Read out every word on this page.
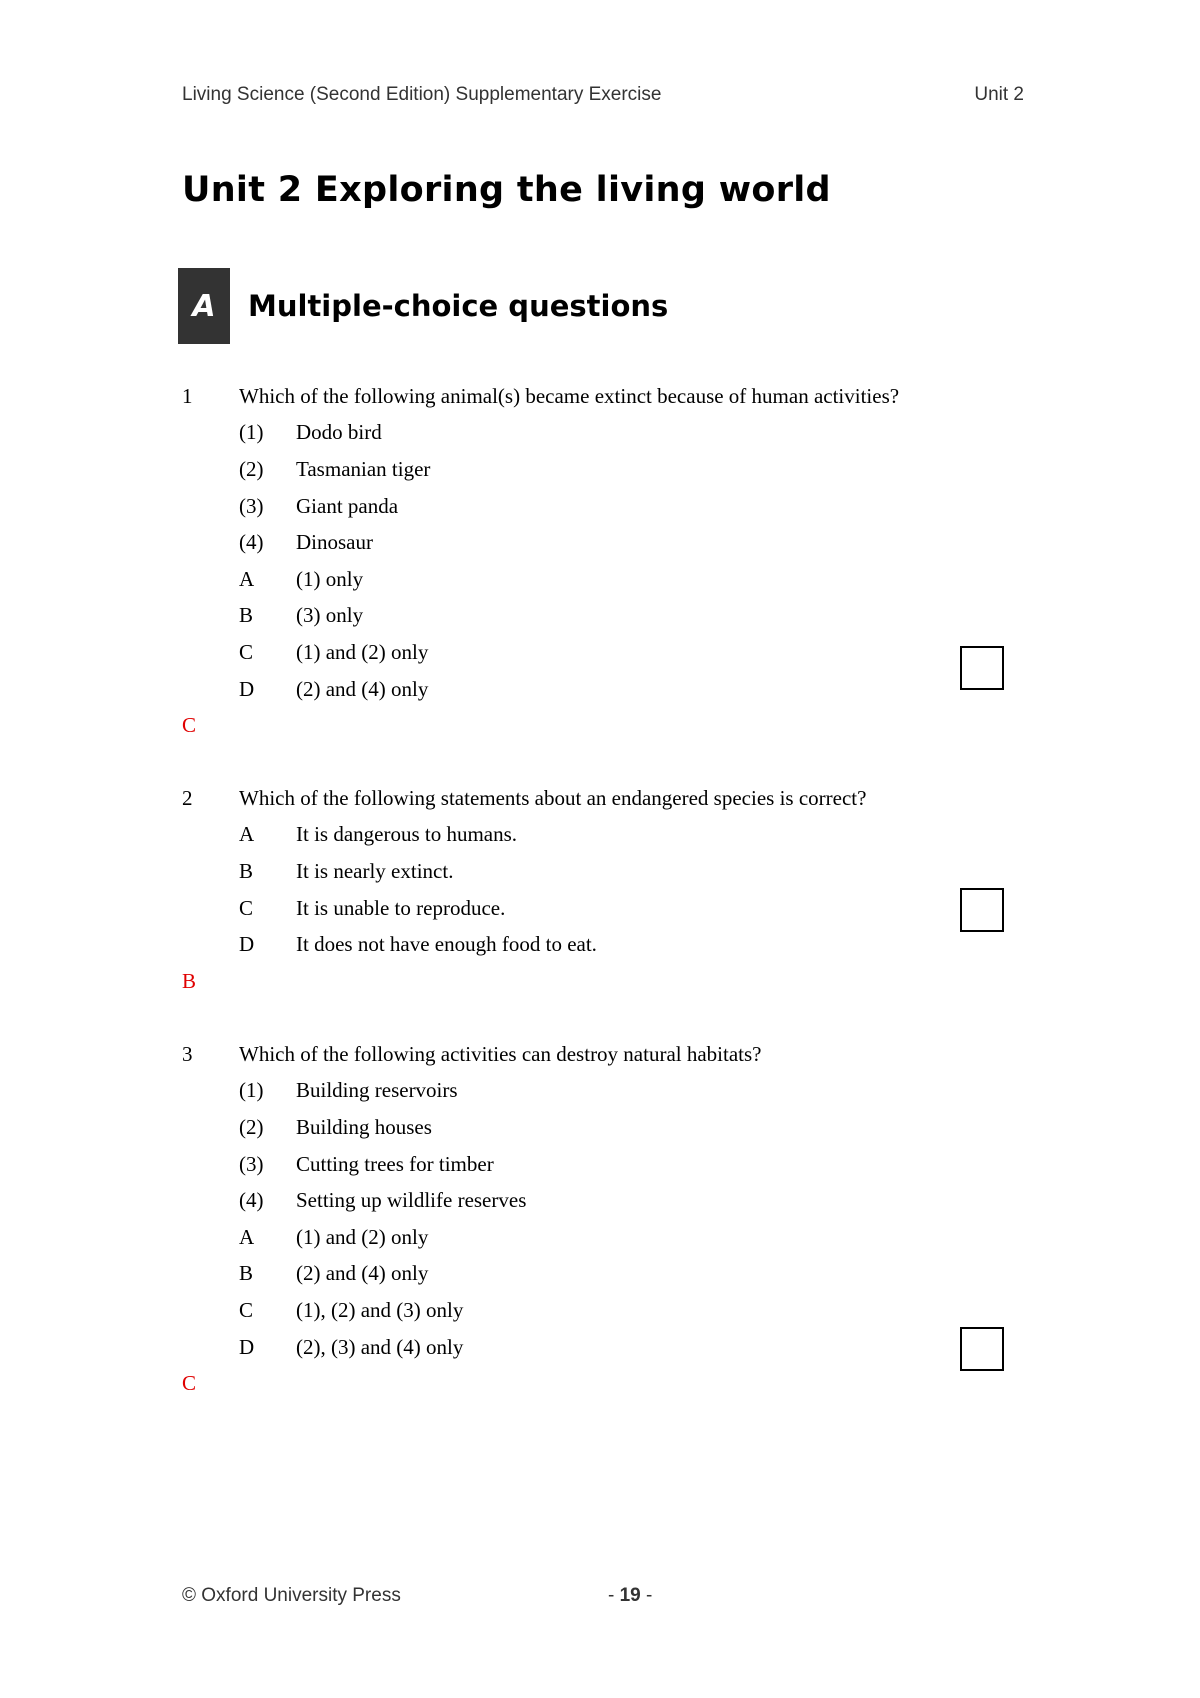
Living Science (Second Edition) Supplementary Exercise	Unit 2
Unit 2 Exploring the living world
A	Multiple-choice questions
1	Which of the following animal(s) became extinct because of human activities?
(1)	Dodo bird
(2)	Tasmanian tiger
(3)	Giant panda
(4)	Dinosaur
A	(1) only
B	(3) only
C	(1) and (2) only
D	(2) and (4) only
C
2	Which of the following statements about an endangered species is correct?
A	It is dangerous to humans.
B	It is nearly extinct.
C	It is unable to reproduce.
D	It does not have enough food to eat.
B
3	Which of the following activities can destroy natural habitats?
(1)	Building reservoirs
(2)	Building houses
(3)	Cutting trees for timber
(4)	Setting up wildlife reserves
A	(1) and (2) only
B	(2) and (4) only
C	(1), (2) and (3) only
D	(2), (3) and (4) only
C
© Oxford University Press	- 19 -
